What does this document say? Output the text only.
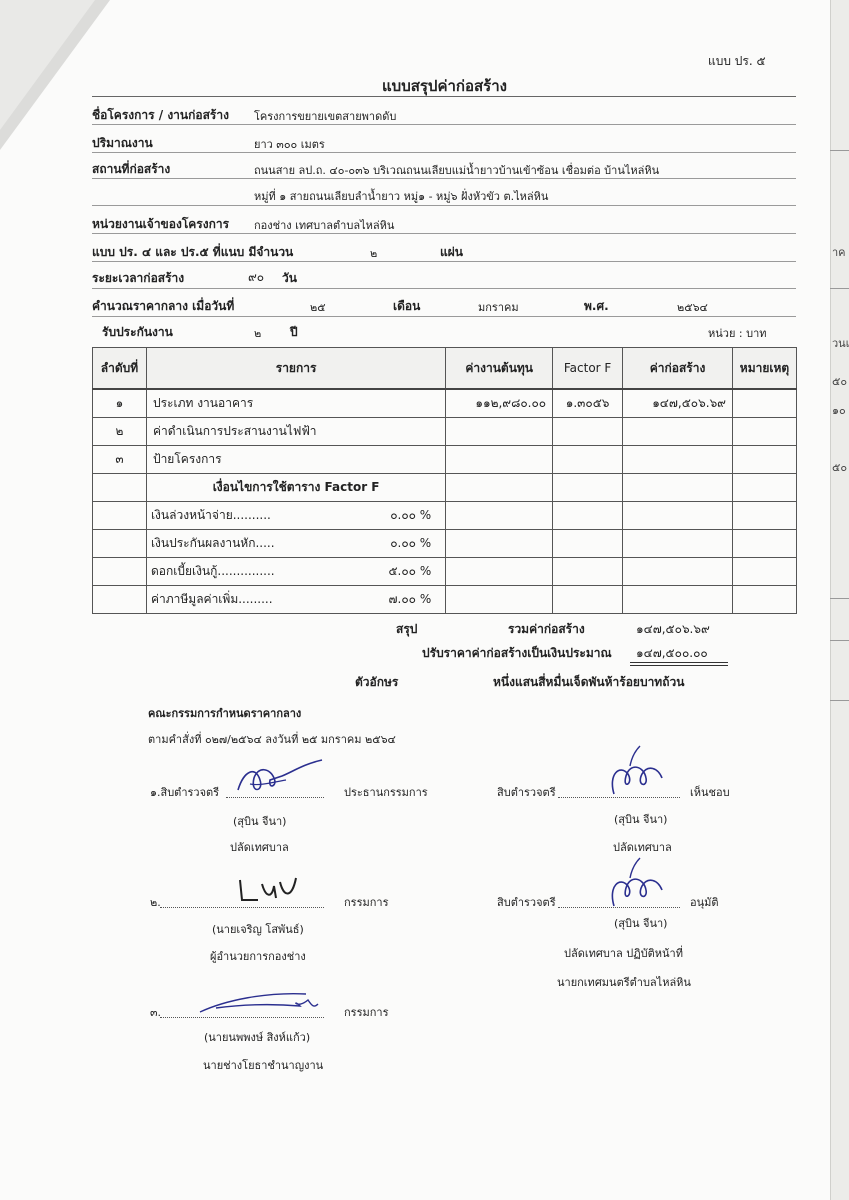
แบบ ปร. ๕
แบบสรุปค่าก่อสร้าง
ชื่อโครงการ / งานก่อสร้าง โครงการขยายเขตสายพาดดับ
ปริมาณงาน	ยาว ๓๐๐ เมตร
สถานที่ก่อสร้าง	ถนนสาย ลป.ถ. ๔๐-๐๓๖ บริเวณถนนเลียบแม่น้ำยาวบ้านเข้าซ้อน เชื่อมต่อ บ้านไหล่หิน
หมู่ที่ ๑ สายถนนเลียบลำน้ำยาว หมู่๑ - หมู่๖ ฝั่งหัวขัว ต.ไหล่หิน
หน่วยงานเจ้าของโครงการ กองช่าง เทศบาลตำบลไหล่หิน
แบบ ปร. ๔ และ ปร.๕ ที่แนบ มีจำนวน	๒	แผ่น
ระยะเวลาก่อสร้าง	๙๐ วัน
คำนวณราคากลาง เมื่อวันที่	๒๕	เดือน	มกราคม	พ.ศ.	๒๕๖๔
รับประกันงาน	๒ ปี	หน่วย : บาท
ลำดับที่	รายการ	ค่างานต้นทุน	Factor F	ค่าก่อสร้าง	หมายเหตุ
๑	ประเภท งานอาคาร	๑๑๒,๙๘๐.๐๐	๑.๓๐๕๖	๑๔๗,๕๐๖.๖๙	
๒	ค่าดำเนินการประสานงานไฟฟ้า				
๓	ป้ายโครงการ				
	เงื่อนไขการใช้ตาราง Factor F				

	เงินล่วงหน้าจ่าย.......... ๐.๐๐ %				

	เงินประกันผลงานหัก..... ๐.๐๐ %				

	ดอกเบี้ยเงินกู้............... ๕.๐๐ %				

	ค่าภาษีมูลค่าเพิ่ม......... ๗.๐๐ %				

สรุป	รวมค่าก่อสร้าง	๑๔๗,๕๐๖.๖๙
ปรับราคาค่าก่อสร้างเป็นเงินประมาณ ๑๔๗,๕๐๐.๐๐
ตัวอักษร	หนึ่งแสนสี่หมื่นเจ็ดพันห้าร้อยบาทถ้วน
คณะกรรมการกำหนดราคากลาง
ตามคำสั่งที่ ๐๒๗/๒๕๖๔ ลงวันที่ ๒๕ มกราคม ๒๕๖๔
๑.สิบตำรวจตรี	ประธานกรรมการ
(สุบิน จีนา)
ปลัดเทศบาล
สิบตำรวจตรี	เห็นชอบ
(สุบิน จีนา)
ปลัดเทศบาล
๒.	กรรมการ
(นายเจริญ โสพันธ์)
ผู้อำนวยการกองช่าง
สิบตำรวจตรี	อนุมัติ
(สุบิน จีนา)
ปลัดเทศบาล ปฏิบัติหน้าที่
นายกเทศมนตรีตำบลไหล่หิน
๓.	กรรมการ
(นายนพพงษ์ สิงห์แก้ว)
นายช่างโยธาชำนาญงาน
าค
วนเ
๕๐
๑๐
๕๐
